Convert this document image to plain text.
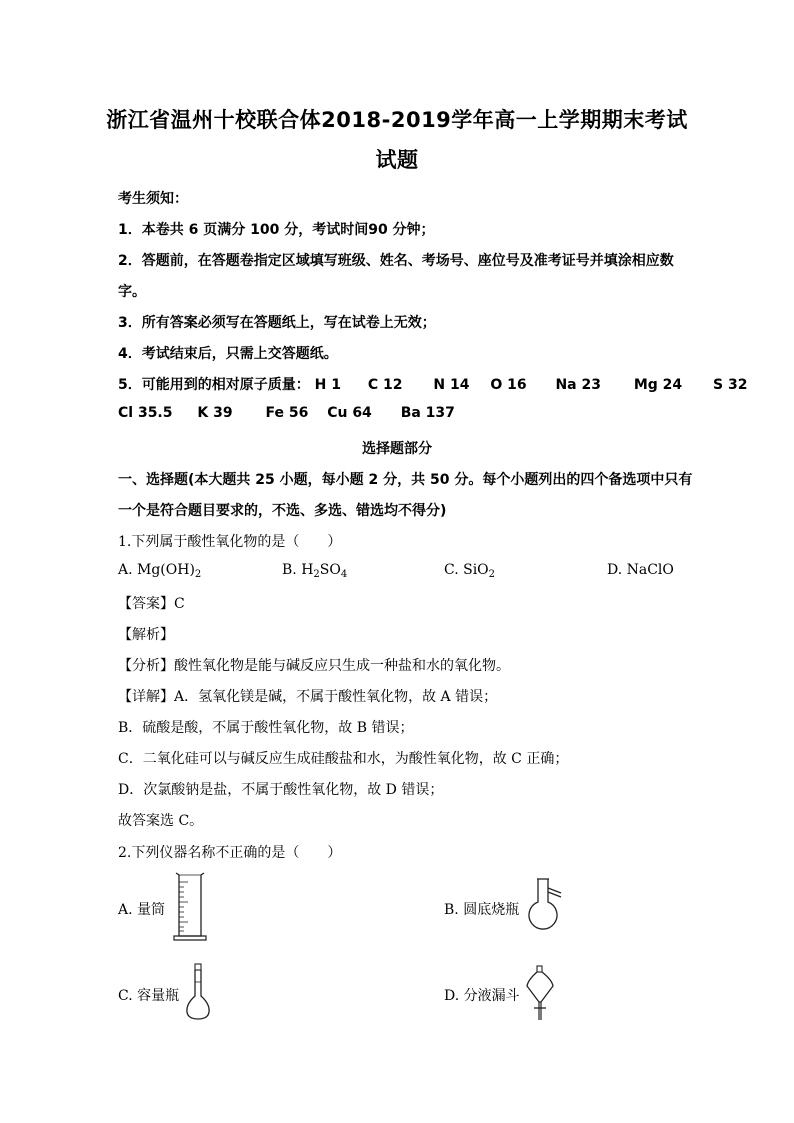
浙江省温州十校联合体2018-2019学年高一上学期期末考试
试题
考生须知：
1．本卷共 6 页满分 100 分，考试时间90 分钟；
2．答题前，在答题卷指定区域填写班级、姓名、考场号、座位号及准考证号并填涂相应数
字。
3．所有答案必须写在答题纸上，写在试卷上无效；
4．考试结束后，只需上交答题纸。
5．可能用到的相对原子质量： H 1 C 12 N 14 O 16 Na 23 Mg 24 S 32
Cl 35.5 K 39 Fe 56 Cu 64 Ba 137
选择题部分
一、选择题(本大题共 25 小题，每小题 2 分，共 50 分。每个小题列出的四个备选项中只有
一个是符合题目要求的，不选、多选、错选均不得分)
1.下列属于酸性氧化物的是（　　）
A. $Mg(OH)_2$	B. $H_2SO_4$	C. SiO$_2$	D. NaClO
【答案】C
【解析】
【分析】酸性氧化物是能与碱反应只生成一种盐和水的氧化物。
【详解】A．氢氧化镁是碱，不属于酸性氧化物，故 A 错误；
B．硫酸是酸，不属于酸性氧化物，故 B 错误；
C．二氧化硅可以与碱反应生成硅酸盐和水，为酸性氧化物，故 C 正确；
D．次氯酸钠是盐，不属于酸性氧化物，故 D 错误；
故答案选 C。
2.下列仪器名称不正确的是（　　）
A. 量筒	B. 圆底烧瓶
C. 容量瓶	D. 分液漏斗
